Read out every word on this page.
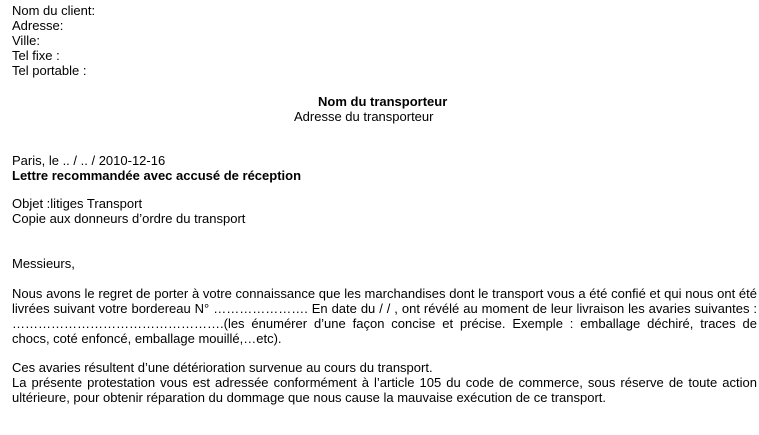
Nom du client:
Adresse:
Ville:
Tel fixe :
Tel portable :
Nom du transporteur
Adresse du transporteur
Paris, le .. / .. / 2010-12-16
Lettre recommandée avec accusé de réception
Objet :litiges Transport
Copie aux donneurs d’ordre du transport
Messieurs,

Nous avons le regret de porter à votre connaissance que les marchandises dont le transport vous a été confié et qui nous ont été livrées suivant votre bordereau N° …………………. En date du / / , ont révélé au moment de leur livraison les avaries suivantes : ………………………………………….(les énumérer d’une façon concise et précise. Exemple : emballage déchiré, traces de chocs, coté enfoncé, emballage mouillé,…etc).

Ces avaries résultent d’une détérioration survenue au cours du transport.

La présente protestation vous est adressée conformément à l’article 105 du code de commerce, sous réserve de toute action ultérieure, pour obtenir réparation du dommage que nous cause la mauvaise exécution de ce transport.
